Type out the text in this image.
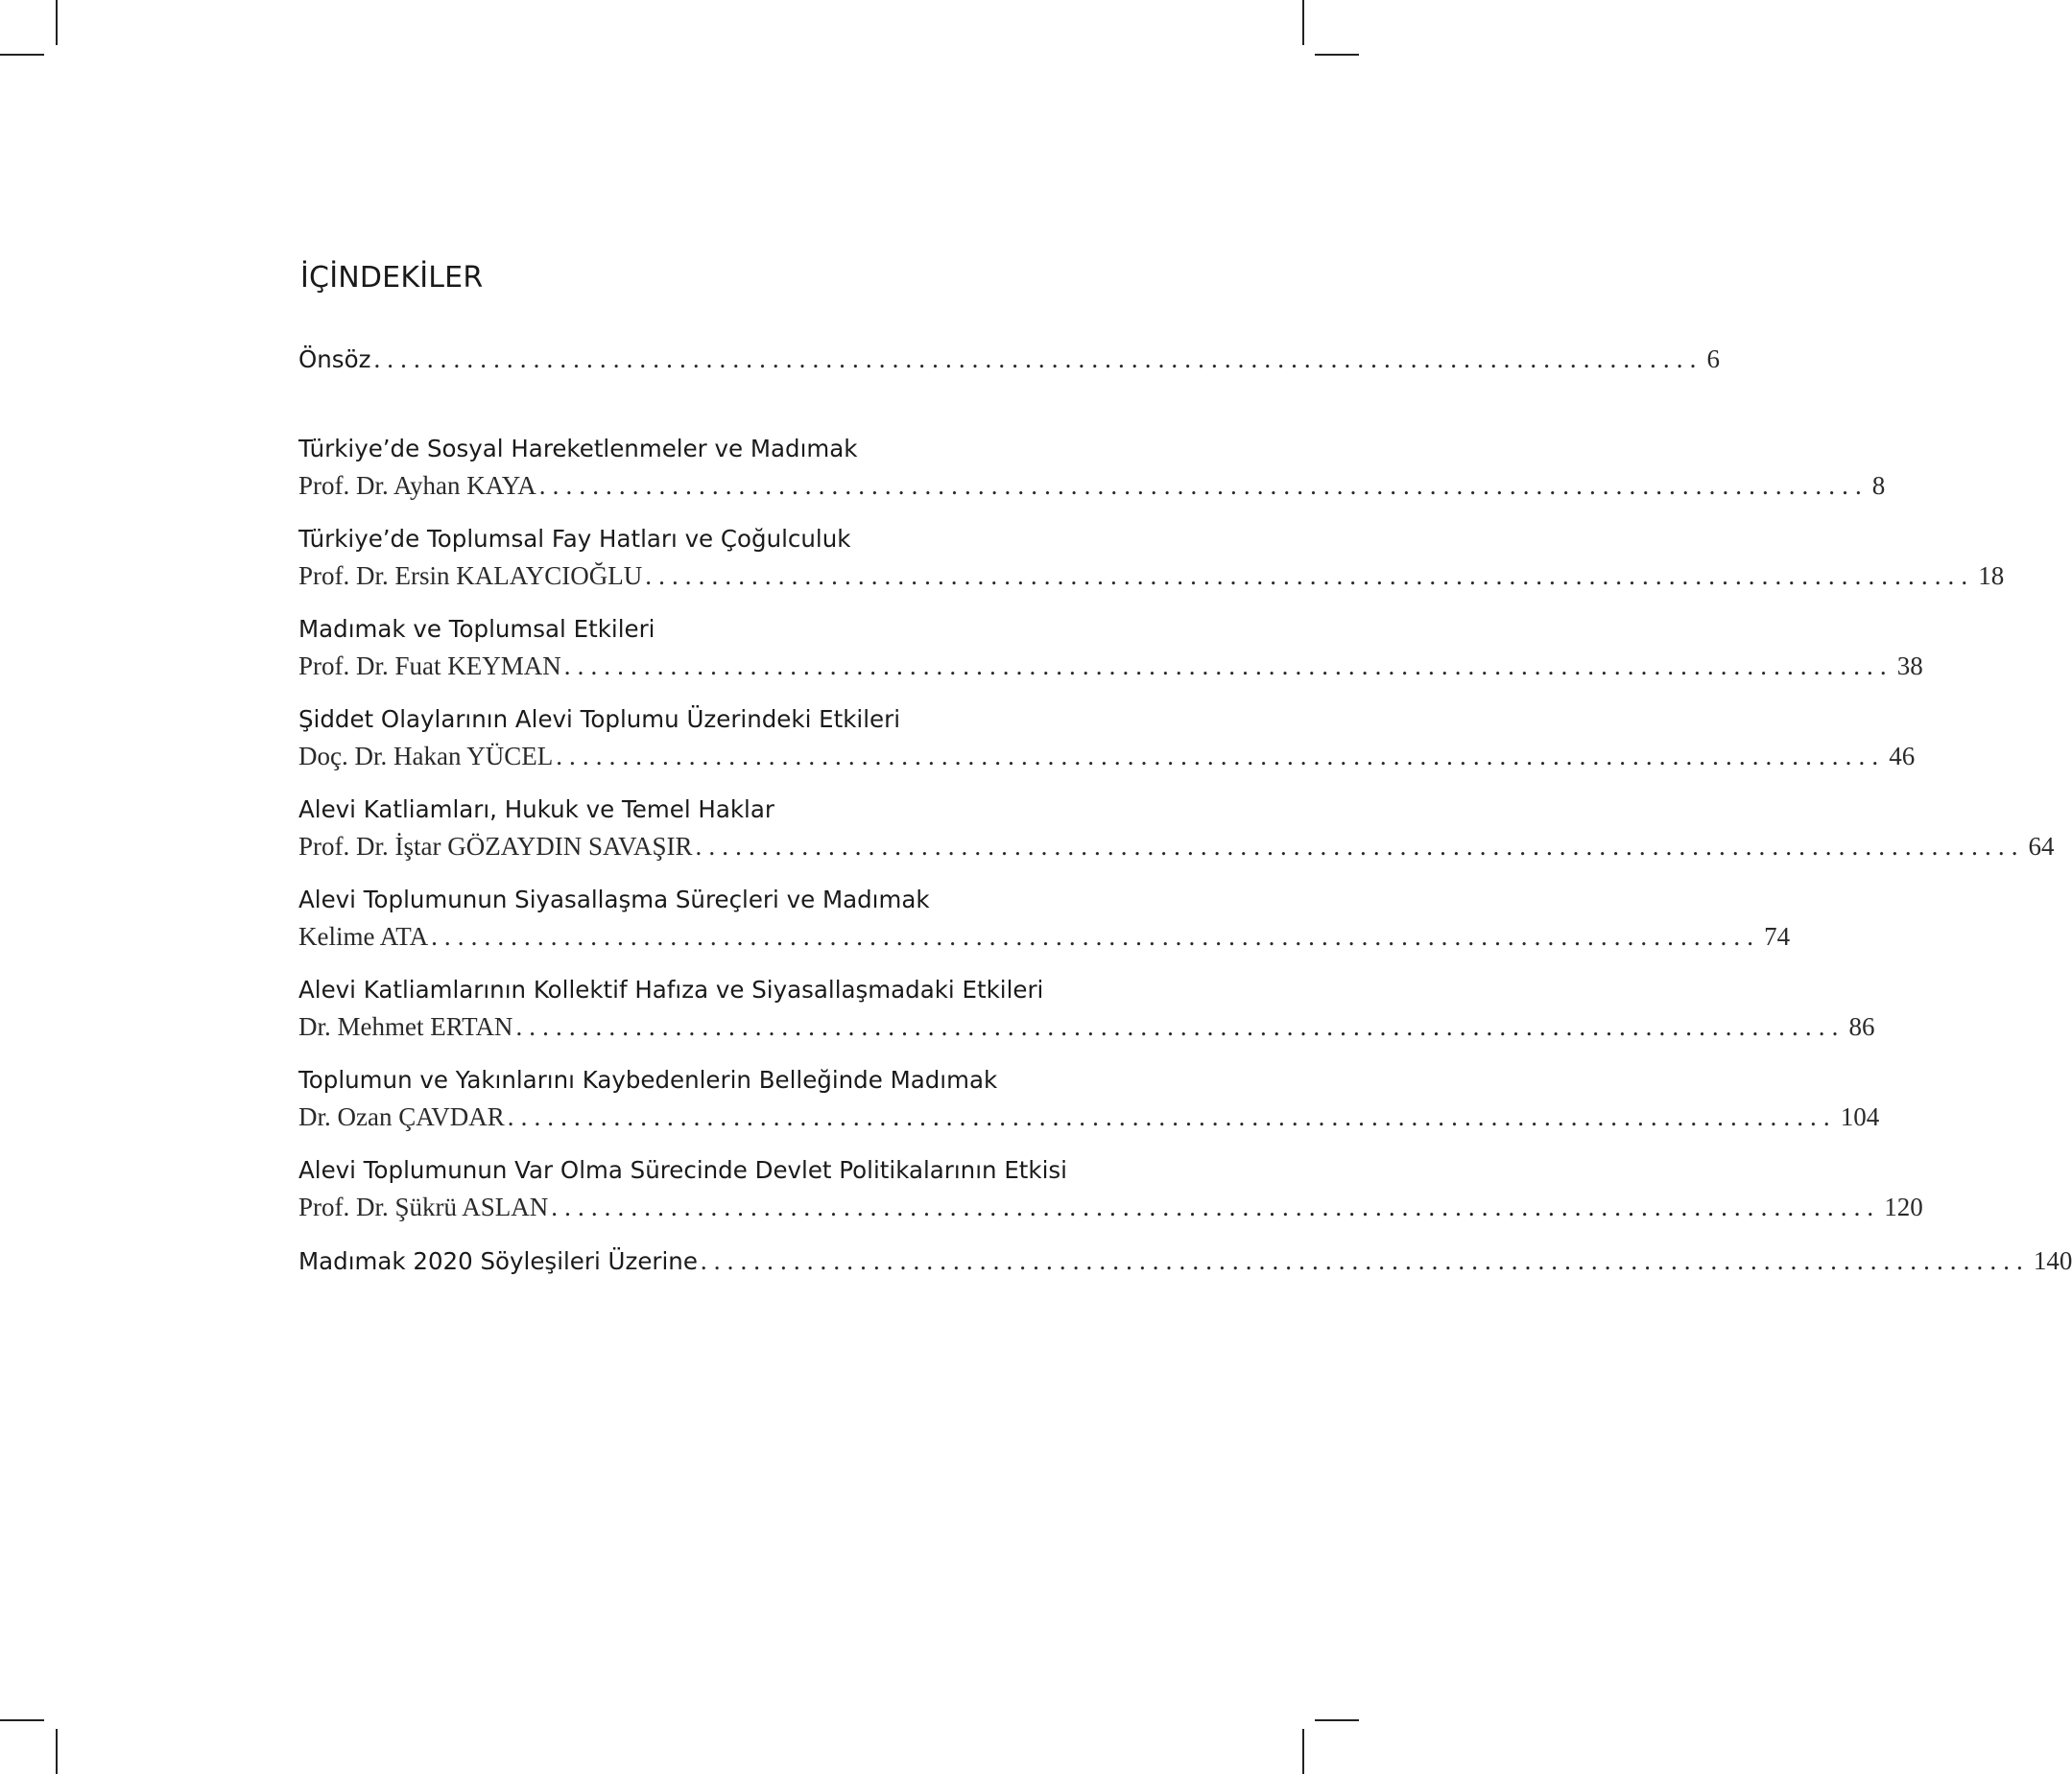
İÇİNDEKİLER
Önsöz .................................................................................................... 6
Türkiye’de Sosyal Hareketlenmeler ve Madımak
Prof. Dr. Ayhan KAYA .................................................................................................... 8
Türkiye’de Toplumsal Fay Hatları ve Çoğulculuk
Prof. Dr. Ersin KALAYCIOĞLU .................................................................................................... 18
Madımak ve Toplumsal Etkileri
Prof. Dr. Fuat KEYMAN .................................................................................................... 38
Şiddet Olaylarının Alevi Toplumu Üzerindeki Etkileri
Doç. Dr. Hakan YÜCEL .................................................................................................... 46
Alevi Katliamları, Hukuk ve Temel Haklar
Prof. Dr. İştar GÖZAYDIN SAVAŞIR .................................................................................................... 64
Alevi Toplumunun Siyasallaşma Süreçleri ve Madımak
Kelime ATA .................................................................................................... 74
Alevi Katliamlarının Kollektif Hafıza ve Siyasallaşmadaki Etkileri
Dr. Mehmet ERTAN .................................................................................................... 86
Toplumun ve Yakınlarını Kaybedenlerin Belleğinde Madımak
Dr. Ozan ÇAVDAR .................................................................................................... 104
Alevi Toplumunun Var Olma Sürecinde Devlet Politikalarının Etkisi
Prof. Dr. Şükrü ASLAN .................................................................................................... 120
Madımak 2020 Söyleşileri Üzerine .................................................................................................... 140
